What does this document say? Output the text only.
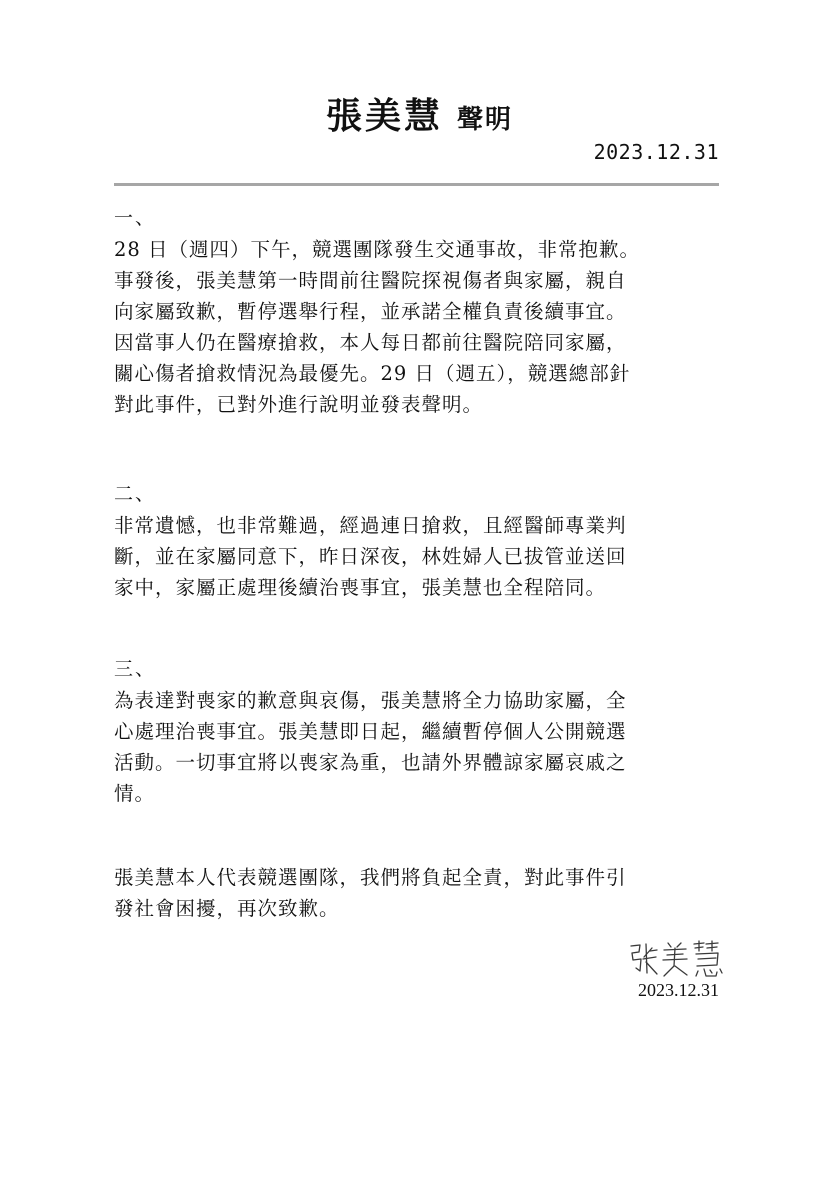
張美慧 聲明
2023.12.31
一、

28 日（週四）下午，競選團隊發生交通事故，非常抱歉。
事發後，張美慧第一時間前往醫院探視傷者與家屬，親自
向家屬致歉，暫停選舉行程，並承諾全權負責後續事宜。
因當事人仍在醫療搶救，本人每日都前往醫院陪同家屬，
關心傷者搶救情況為最優先。29 日（週五），競選總部針
對此事件，已對外進行說明並發表聲明。

二、

非常遺憾，也非常難過，經過連日搶救，且經醫師專業判
斷，並在家屬同意下，昨日深夜，林姓婦人已拔管並送回
家中，家屬正處理後續治喪事宜，張美慧也全程陪同。

三、

為表達對喪家的歉意與哀傷，張美慧將全力協助家屬，全
心處理治喪事宜。張美慧即日起，繼續暫停個人公開競選
活動。一切事宜將以喪家為重，也請外界體諒家屬哀戚之
情。

張美慧本人代表競選團隊，我們將負起全責，對此事件引
發社會困擾，再次致歉。

2023.12.31
